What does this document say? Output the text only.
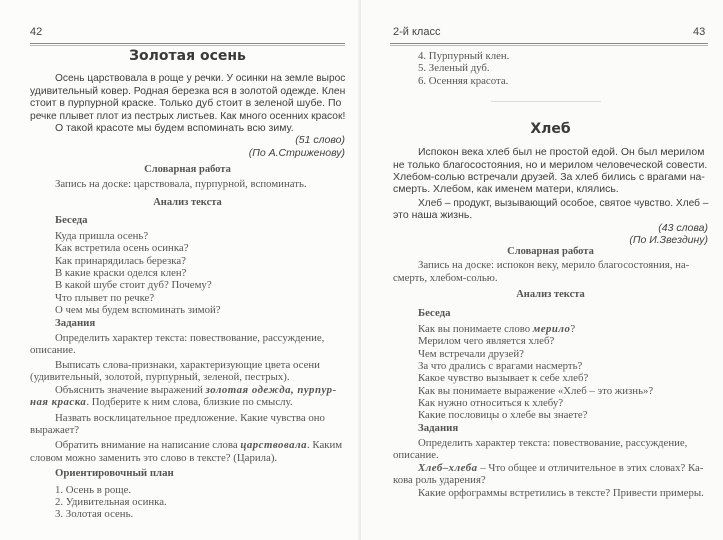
42
Золотая осень
Осень царствовала в роще у речки. У осинки на земле вырос
удивительный ковер. Родная березка вся в золотой одежде. Клен
стоит в пурпурной краске. Только дуб стоит в зеленой шубе. По
речке плывет плот из пестрых листьев. Как много осенних красок!
О такой красоте мы будем вспоминать всю зиму.
(51 слово)
(По А.Стриженову)
Словарная работа
Запись на доске: царствовала, пурпурной, вспоминать.
Анализ текста
Беседа
Куда пришла осень?
Как встретила осень осинка?
Как принарядилась березка?
В какие краски оделся клен?
В какой шубе стоит дуб? Почему?
Что плывет по речке?
О чем мы будем вспоминать зимой?
Задания
Определить характер текста: повествование, рассуждение,
описание.
Выписать слова-признаки, характеризующие цвета осени
(удивительный, золотой, пурпурный, зеленой, пестрых).
Объяснить значение выражений золотая одежда, пурпур-
ная краска. Подберите к ним слова, близкие по смыслу.
Назвать восклицательное предложение. Какие чувства оно
выражает?
Обратить внимание на написание слова царствовала. Каким
словом можно заменить это слово в тексте? (Царила).
Ориентировочный план
1. Осень в роще.
2. Удивительная осинка.
3. Золотая осень.
2-й класс	43
4. Пурпурный клен.
5. Зеленый дуб.
6. Осенняя красота.
Хлеб
Испокон века хлеб был не простой едой. Он был мерилом
не только благосостояния, но и мерилом человеческой совести.
Хлебом-солью встречали друзей. За хлеб бились с врагами на-
смерть. Хлебом, как именем матери, клялись.
Хлеб – продукт, вызывающий особое, святое чувство. Хлеб –
это наша жизнь.
(43 слова)
(По И.Звездину)
Словарная работа
Запись на доске: испокон веку, мерило благосостояния, на-
смерть, хлебом-солью.
Анализ текста
Беседа
Как вы понимаете слово мерило?
Мерилом чего является хлеб?
Чем встречали друзей?
За что дрались с врагами насмерть?
Какое чувство вызывает к себе хлеб?
Как вы понимаете выражение «Хлеб – это жизнь»?
Как нужно относиться к хлебу?
Какие пословицы о хлебе вы знаете?
Задания
Определить характер текста: повествование, рассуждение,
описание.
Хлеб–хлеба – Что общее и отличительное в этих словах? Ка-
кова роль ударения?
Какие орфограммы встретились в тексте? Привести примеры.
